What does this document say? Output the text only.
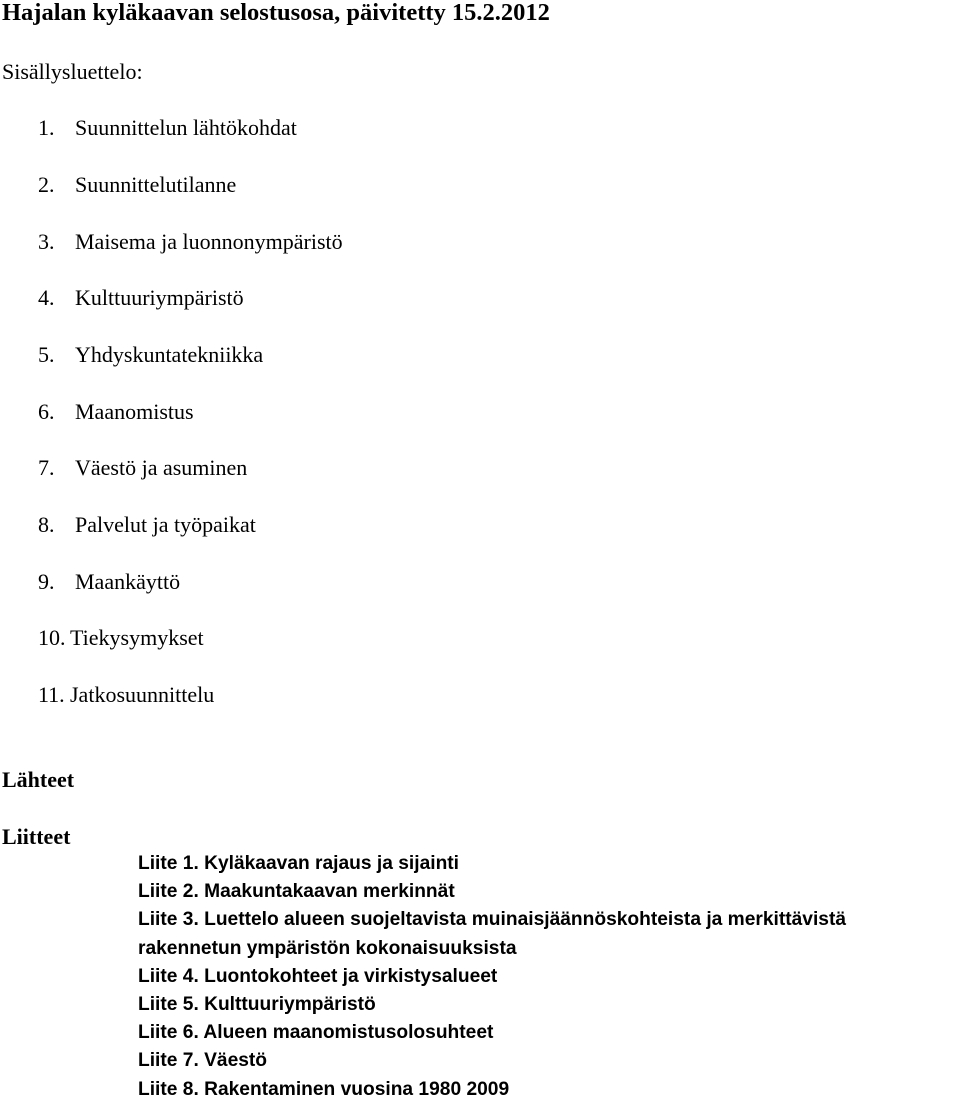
Hajalan kyläkaavan selostusosa, päivitetty 15.2.2012
Sisällysluettelo:
1. Suunnittelun lähtökohdat
2. Suunnittelutilanne
3. Maisema ja luonnonympäristö
4. Kulttuuriympäristö
5. Yhdyskuntatekniikka
6. Maanomistus
7. Väestö ja asuminen
8. Palvelut ja työpaikat
9. Maankäyttö
10. Tiekysymykset
11. Jatkosuunnittelu
Lähteet
Liitteet
Liite 1. Kyläkaavan rajaus ja sijainti
Liite 2. Maakuntakaavan merkinnät
Liite 3. Luettelo alueen suojeltavista muinaisjäännöskohteista ja merkittävistä
rakennetun ympäristön kokonaisuuksista
Liite 4. Luontokohteet ja virkistysalueet
Liite 5. Kulttuuriympäristö
Liite 6. Alueen maanomistusolosuhteet
Liite 7. Väestö
Liite 8. Rakentaminen vuosina 1980 2009
